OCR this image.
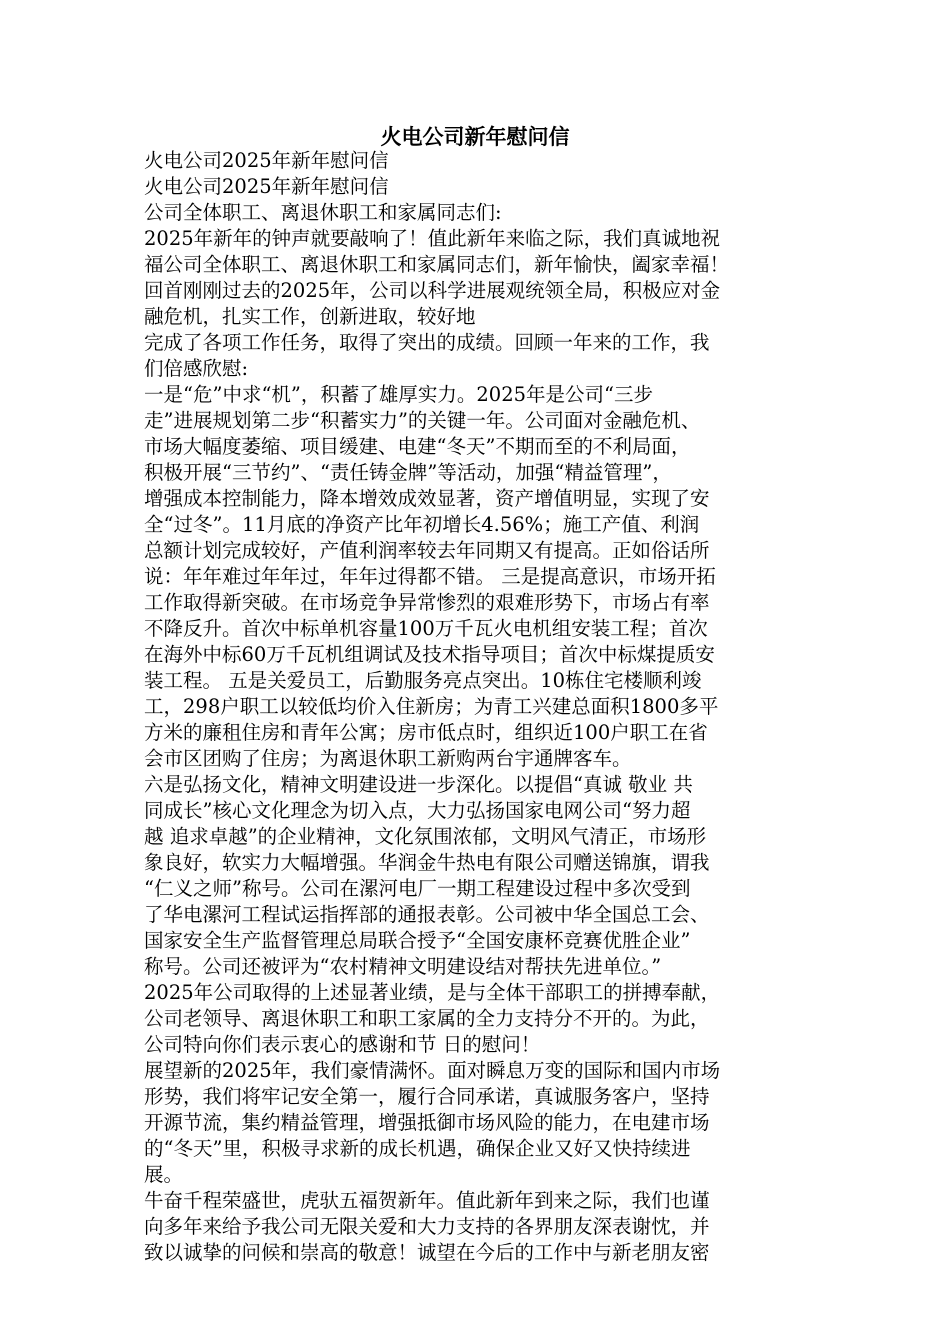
火电公司新年慰问信
火电公司2025年新年慰问信
火电公司2025年新年慰问信
公司全体职工、离退休职工和家属同志们:
2025年新年的钟声就要敲响了！值此新年来临之际，我们真诚地祝
福公司全体职工、离退休职工和家属同志们，新年愉快，阖家幸福！
回首刚刚过去的2025年，公司以科学进展观统领全局，积极应对金
融危机，扎实工作，创新进取，较好地
完成了各项工作任务，取得了突出的成绩。回顾一年来的工作，我
们倍感欣慰:
一是“危”中求“机”，积蓄了雄厚实力。2025年是公司“三步
走”进展规划第二步“积蓄实力”的关键一年。公司面对金融危机、
市场大幅度萎缩、项目缓建、电建“冬天”不期而至的不利局面，
积极开展“三节约”、“责任铸金牌”等活动，加强“精益管理”，
增强成本控制能力，降本增效成效显著，资产增值明显，实现了安
全“过冬”。11月底的净资产比年初增长4.56%；施工产值、利润
总额计划完成较好，产值利润率较去年同期又有提高。正如俗话所
说：年年难过年年过，年年过得都不错。 三是提高意识，市场开拓
工作取得新突破。在市场竞争异常惨烈的艰难形势下，市场占有率
不降反升。首次中标单机容量100万千瓦火电机组安装工程；首次
在海外中标60万千瓦机组调试及技术指导项目；首次中标煤提质安
装工程。 五是关爱员工，后勤服务亮点突出。10栋住宅楼顺利竣
工，298户职工以较低均价入住新房；为青工兴建总面积1800多平
方米的廉租住房和青年公寓；房市低点时，组织近100户职工在省
会市区团购了住房；为离退休职工新购两台宇通牌客车。
六是弘扬文化，精神文明建设进一步深化。以提倡“真诚 敬业 共
同成长”核心文化理念为切入点，大力弘扬国家电网公司“努力超
越 追求卓越”的企业精神，文化氛围浓郁，文明风气清正，市场形
象良好，软实力大幅增强。华润金牛热电有限公司赠送锦旗，谓我
“仁义之师”称号。公司在漯河电厂一期工程建设过程中多次受到
了华电漯河工程试运指挥部的通报表彰。公司被中华全国总工会、
国家安全生产监督管理总局联合授予“全国安康杯竞赛优胜企业”
称号。公司还被评为“农村精神文明建设结对帮扶先进单位。”
2025年公司取得的上述显著业绩，是与全体干部职工的拼搏奉献，
公司老领导、离退休职工和职工家属的全力支持分不开的。为此，
公司特向你们表示衷心的感谢和节 日的慰问！
展望新的2025年，我们豪情满怀。面对瞬息万变的国际和国内市场
形势，我们将牢记安全第一，履行合同承诺，真诚服务客户，坚持
开源节流，集约精益管理，增强抵御市场风险的能力，在电建市场
的“冬天”里，积极寻求新的成长机遇，确保企业又好又快持续进
展。
牛奋千程荣盛世，虎驮五福贺新年。值此新年到来之际，我们也谨
向多年来给予我公司无限关爱和大力支持的各界朋友深表谢忱，并
致以诚挚的问候和崇高的敬意！诚望在今后的工作中与新老朋友密
